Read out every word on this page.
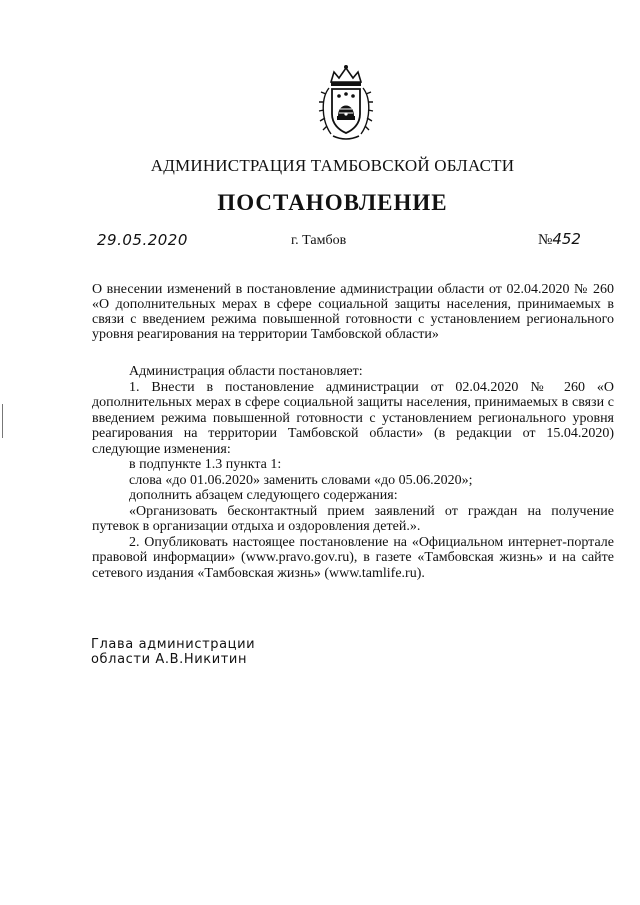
АДМИНИСТРАЦИЯ ТАМБОВСКОЙ ОБЛАСТИ
ПОСТАНОВЛЕНИЕ
29.05.2020	г. Тамбов	№452
О внесении изменений в постановление администрации области от 02.04.2020 № 260 «О дополнительных мерах в сфере социальной защиты населения, принимаемых в связи с введением режима повышенной готовности с установлением регионального уровня реагирования на территории Тамбовской области»

Администрация области постановляет:

1. Внести в постановление администрации от 02.04.2020 № 260 «О дополнительных мерах в сфере социальной защиты населения, принимаемых в связи с введением режима повышенной готовности с установлением регионального уровня реагирования на территории Тамбовской области» (в редакции от 15.04.2020) следующие изменения:

в подпункте 1.3 пункта 1:

слова «до 01.06.2020» заменить словами «до 05.06.2020»;

дополнить абзацем следующего содержания:

«Организовать бесконтактный прием заявлений от граждан на получение путевок в организации отдыха и оздоровления детей.».

2. Опубликовать настоящее постановление на «Официальном интернет-портале правовой информации» (www.pravo.gov.ru), в газете «Тамбовская жизнь» и на сайте сетевого издания «Тамбовская жизнь» (www.tamlife.ru).

Глава администрации
области А.В.Никитин
